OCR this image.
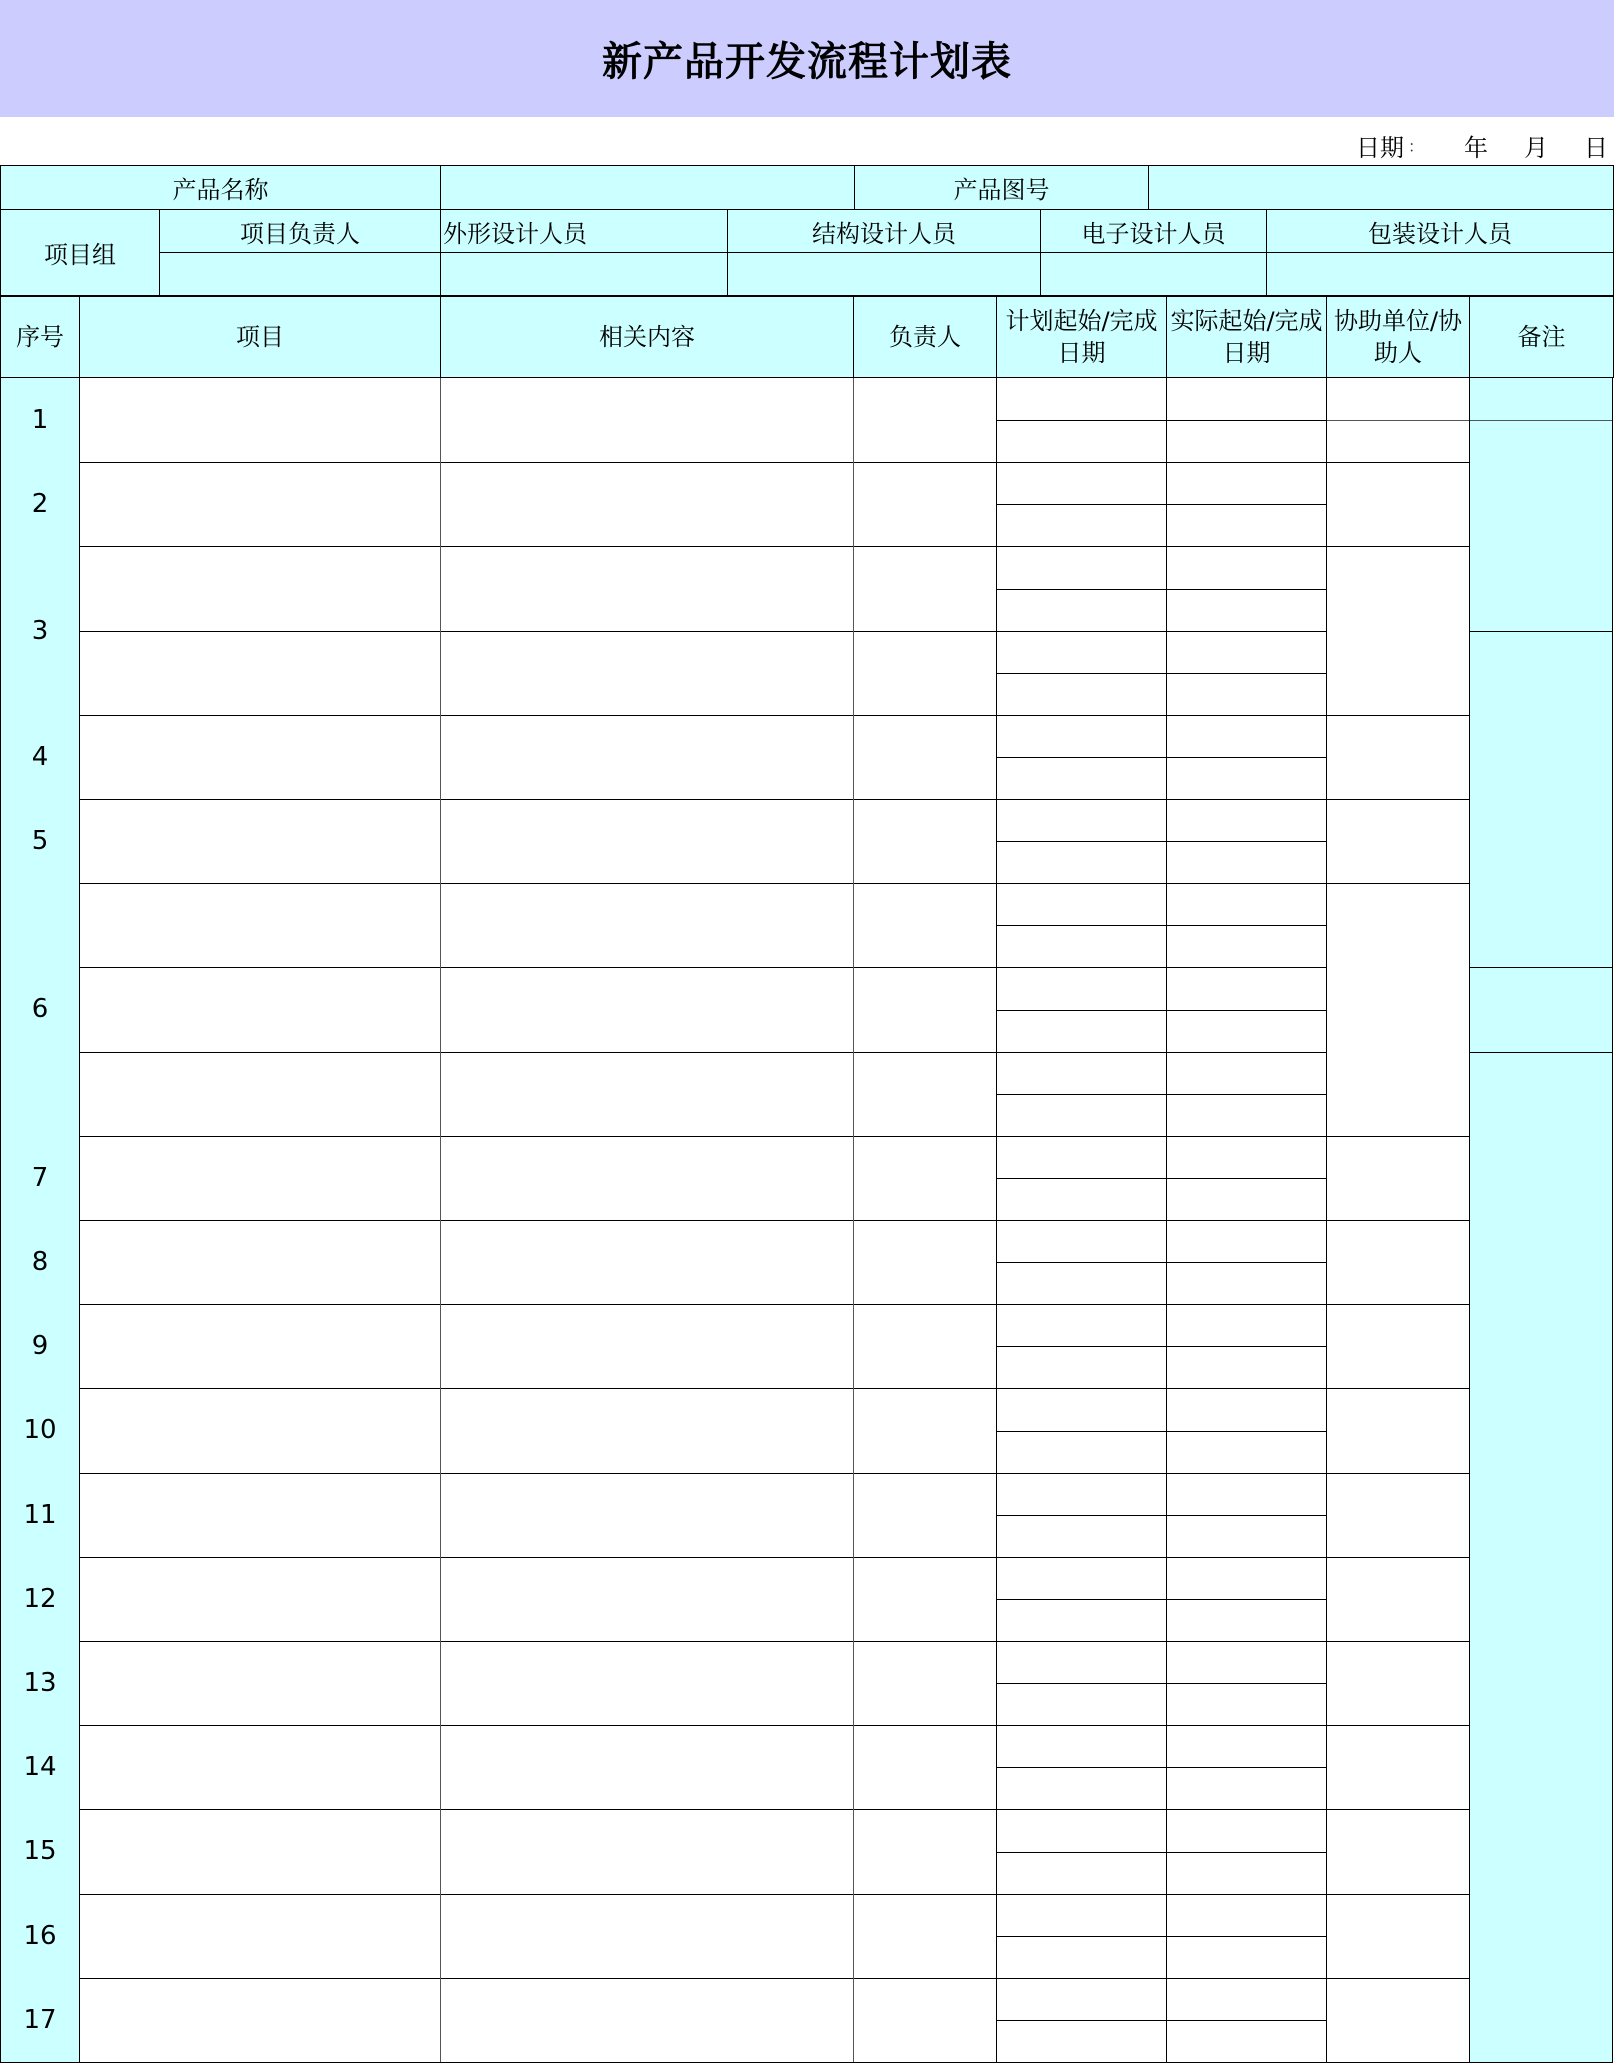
新产品开发流程计划表
日期 ： 年 月 日
产品名称				产品图号			
项目组	项目负责人	外形设计人员	结构设计人员		电子设计人员		包装设计人员

序号	项目	相关内容	负责人	计划起始/完成日期	实际起始/完成日期	协助单位/协助人	备注
1
2
3
4
5
6
7
8
9
10
11
12
13
14
15
16
17
